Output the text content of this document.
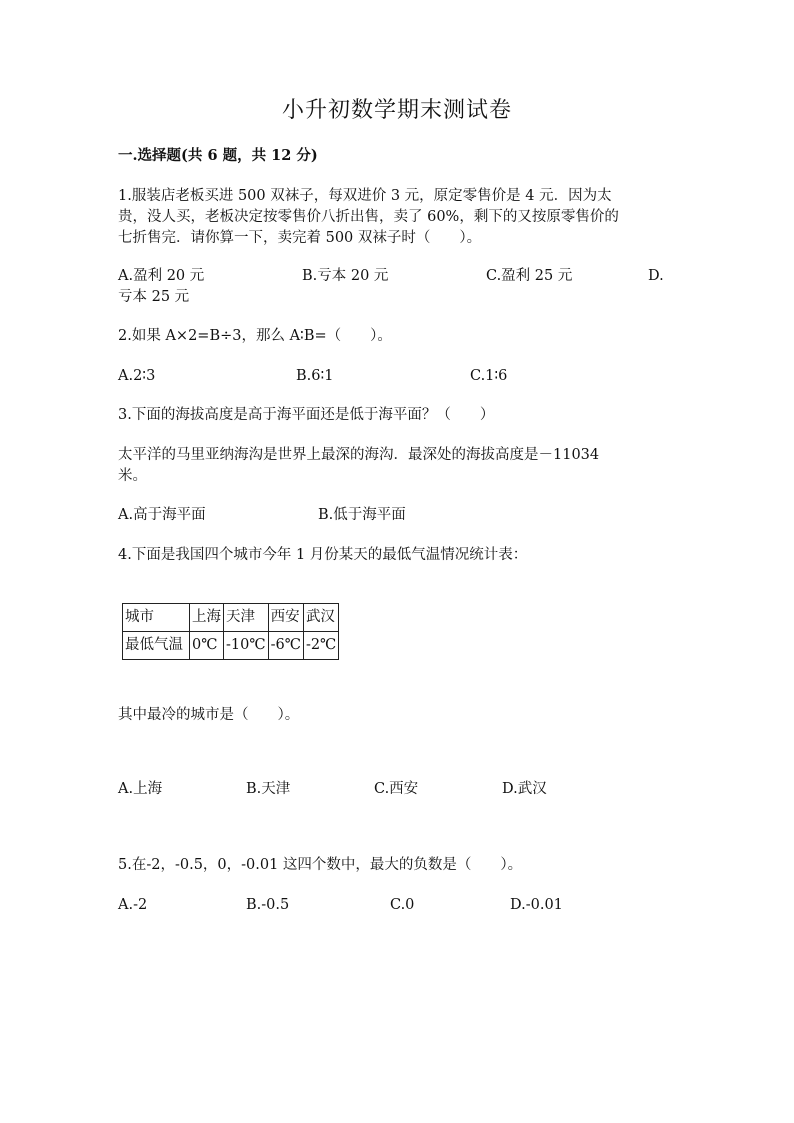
小升初数学期末测试卷
一.选择题(共 6 题，共 12 分)
1.服装店老板买进 500 双袜子，每双进价 3 元，原定零售价是 4 元．因为太
贵，没人买，老板决定按零售价八折出售，卖了 60%，剩下的又按原零售价的
七折售完．请你算一下，卖完着 500 双袜子时（　　）。
A.盈利 20 元	B.亏本 20 元	C.盈利 25 元	D.
亏本 25 元
2.如果 A×2=B÷3，那么 A∶B=（　　）。
A.2∶3	B.6∶1	C.1∶6
3.下面的海拔高度是高于海平面还是低于海平面？（　　）
太平洋的马里亚纳海沟是世界上最深的海沟．最深处的海拔高度是－11034
米。
A.高于海平面	B.低于海平面
4.下面是我国四个城市今年 1 月份某天的最低气温情况统计表：
城市	上海	天津	西安	武汉
最低气温	0℃	-10℃	-6℃	-2℃
其中最冷的城市是（　　）。
A.上海	B.天津	C.西安	D.武汉
5.在-2，-0.5，0，-0.01 这四个数中，最大的负数是（　　）。
A.-2	B.-0.5	C.0	D.-0.01
